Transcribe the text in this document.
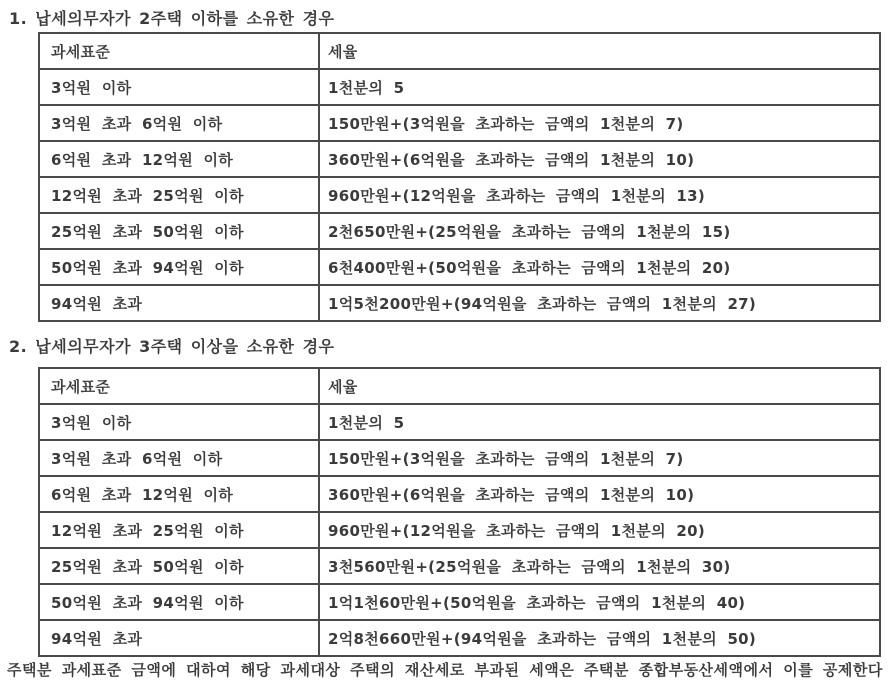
1. 납세의무자가 2주택 이하를 소유한 경우
과세표준	세율
3억원 이하	1천분의 5
3억원 초과 6억원 이하	150만원+(3억원을 초과하는 금액의 1천분의 7)
6억원 초과 12억원 이하	360만원+(6억원을 초과하는 금액의 1천분의 10)
12억원 초과 25억원 이하	960만원+(12억원을 초과하는 금액의 1천분의 13)
25억원 초과 50억원 이하	2천650만원+(25억원을 초과하는 금액의 1천분의 15)
50억원 초과 94억원 이하	6천400만원+(50억원을 초과하는 금액의 1천분의 20)
94억원 초과	1억5천200만원+(94억원을 초과하는 금액의 1천분의 27)
2. 납세의무자가 3주택 이상을 소유한 경우
과세표준	세율
3억원 이하	1천분의 5
3억원 초과 6억원 이하	150만원+(3억원을 초과하는 금액의 1천분의 7)
6억원 초과 12억원 이하	360만원+(6억원을 초과하는 금액의 1천분의 10)
12억원 초과 25억원 이하	960만원+(12억원을 초과하는 금액의 1천분의 20)
25억원 초과 50억원 이하	3천560만원+(25억원을 초과하는 금액의 1천분의 30)
50억원 초과 94억원 이하	1억1천60만원+(50억원을 초과하는 금액의 1천분의 40)
94억원 초과	2억8천660만원+(94억원을 초과하는 금액의 1천분의 50)
주택분 과세표준 금액에 대하여 해당 과세대상 주택의 재산세로 부과된 세액은 주택분 종합부동산세액에서 이를 공제한다
